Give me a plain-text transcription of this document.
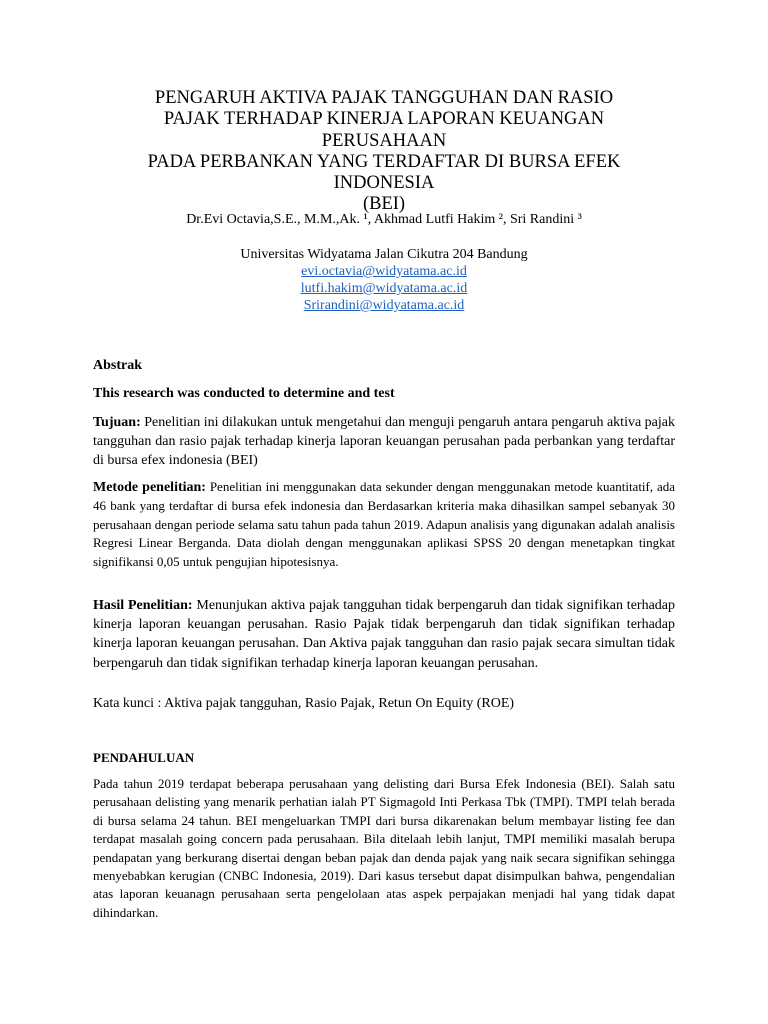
PENGARUH AKTIVA PAJAK TANGGUHAN DAN RASIO
PAJAK TERHADAP KINERJA LAPORAN KEUANGAN
PERUSAHAAN
PADA PERBANKAN YANG TERDAFTAR DI BURSA EFEK
INDONESIA
(BEI)
Dr.Evi Octavia,S.E., M.M.,Ak. ¹, Akhmad Lutfi Hakim ², Sri Randini ³
Universitas Widyatama Jalan Cikutra 204 Bandung
evi.octavia@widyatama.ac.id
lutfi.hakim@widyatama.ac.id
Srirandini@widyatama.ac.id
Abstrak
This research was conducted to determine and test
Tujuan: Penelitian ini dilakukan untuk mengetahui dan menguji pengaruh antara pengaruh aktiva pajak tangguhan dan rasio pajak terhadap kinerja laporan keuangan perusahan pada perbankan yang terdaftar di bursa efex indonesia (BEI)
Metode penelitian: Penelitian ini menggunakan data sekunder dengan menggunakan metode kuantitatif, ada 46 bank yang terdaftar di bursa efek indonesia dan Berdasarkan kriteria maka dihasilkan sampel sebanyak 30 perusahaan dengan periode selama satu tahun pada tahun 2019. Adapun analisis yang digunakan adalah analisis Regresi Linear Berganda. Data diolah dengan menggunakan aplikasi SPSS 20 dengan menetapkan tingkat signifikansi 0,05 untuk pengujian hipotesisnya.
Hasil Penelitian: Menunjukan aktiva pajak tangguhan tidak berpengaruh dan tidak signifikan terhadap kinerja laporan keuangan perusahan. Rasio Pajak tidak berpengaruh dan tidak signifikan terhadap kinerja laporan keuangan perusahan. Dan Aktiva pajak tangguhan dan rasio pajak secara simultan tidak berpengaruh dan tidak signifikan terhadap kinerja laporan keuangan perusahan.
Kata kunci : Aktiva pajak tangguhan, Rasio Pajak, Retun On Equity (ROE)
PENDAHULUAN
Pada tahun 2019 terdapat beberapa perusahaan yang delisting dari Bursa Efek Indonesia (BEI). Salah satu perusahaan delisting yang menarik perhatian ialah PT Sigmagold Inti Perkasa Tbk (TMPI). TMPI telah berada di bursa selama 24 tahun. BEI mengeluarkan TMPI dari bursa dikarenakan belum membayar listing fee dan terdapat masalah going concern pada perusahaan. Bila ditelaah lebih lanjut, TMPI memiliki masalah berupa pendapatan yang berkurang disertai dengan beban pajak dan denda pajak yang naik secara signifikan sehingga menyebabkan kerugian (CNBC Indonesia, 2019). Dari kasus tersebut dapat disimpulkan bahwa, pengendalian atas laporan keuanagn perusahaan serta pengelolaan atas aspek perpajakan menjadi hal yang tidak dapat dihindarkan.
